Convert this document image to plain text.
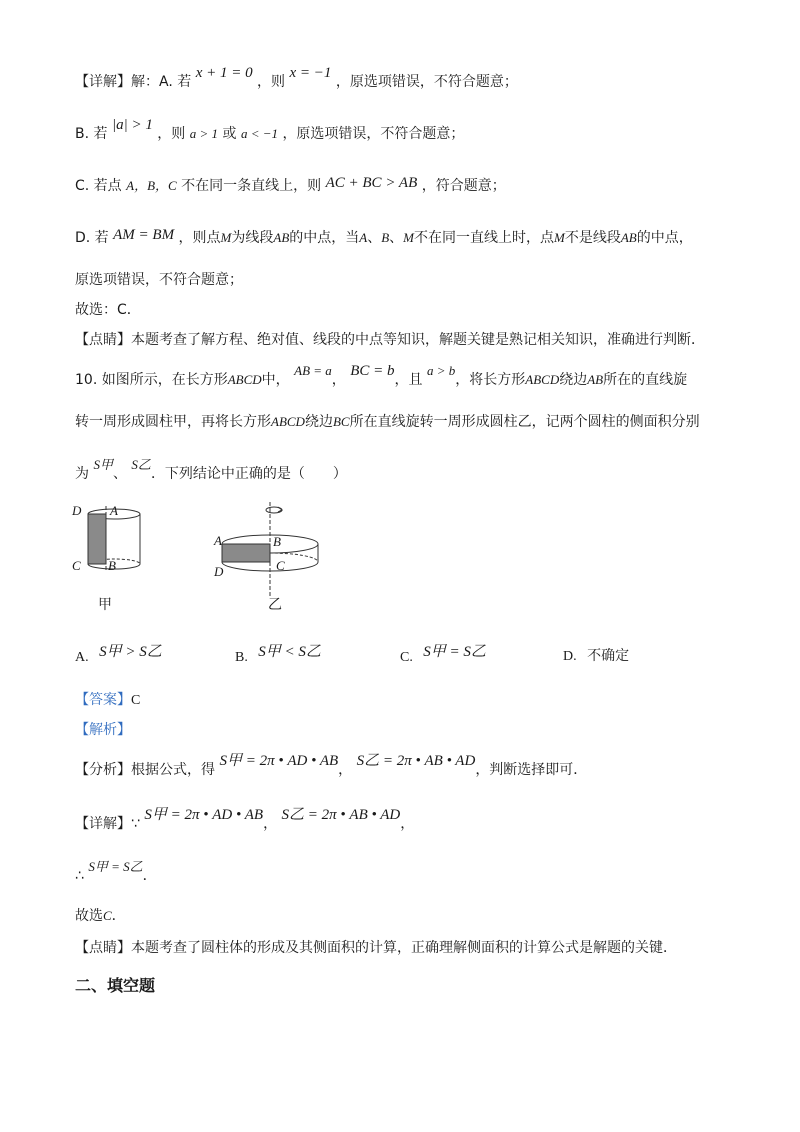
【详解】解：A. 若 x + 1 = 0 ，则 x = −1 ，原选项错误，不符合题意；
B. 若 |a| > 1 ，则 a > 1 或 a < −1 ，原选项错误，不符合题意；
C. 若点 A，B，C 不在同一条直线上，则 AC + BC > AB ，符合题意；
D. 若 AM = BM ，则点M为线段AB的中点，当A、B、M不在同一直线上时，点M不是线段AB的中点，
原选项错误，不符合题意；
故选：C．
【点睛】本题考查了解方程、绝对值、线段的中点等知识，解题关键是熟记相关知识，准确进行判断．
10. 如图所示，在长方形ABCD中， AB = a， BC = b，且 a > b，将长方形ABCD绕边AB所在的直线旋
转一周形成圆柱甲，再将长方形ABCD绕边BC所在直线旋转一周形成圆柱乙，记两个圆柱的侧面积分别
为 S甲、 S乙．下列结论中正确的是（　　）
D A
C B
甲
A	B
D	C
乙
A. S甲 > S乙	B. S甲 < S乙	C. S甲 = S乙	D. 不确定
【答案】C
【解析】
【分析】根据公式，得 S甲 = 2π • AD • AB， S乙 = 2π • AB • AD，判断选择即可．
【详解】∵ S甲 = 2π • AD • AB， S乙 = 2π • AB • AD，
∴ S甲 = S乙．
故选C．
【点睛】本题考查了圆柱体的形成及其侧面积的计算，正确理解侧面积的计算公式是解题的关键．
二、填空题
